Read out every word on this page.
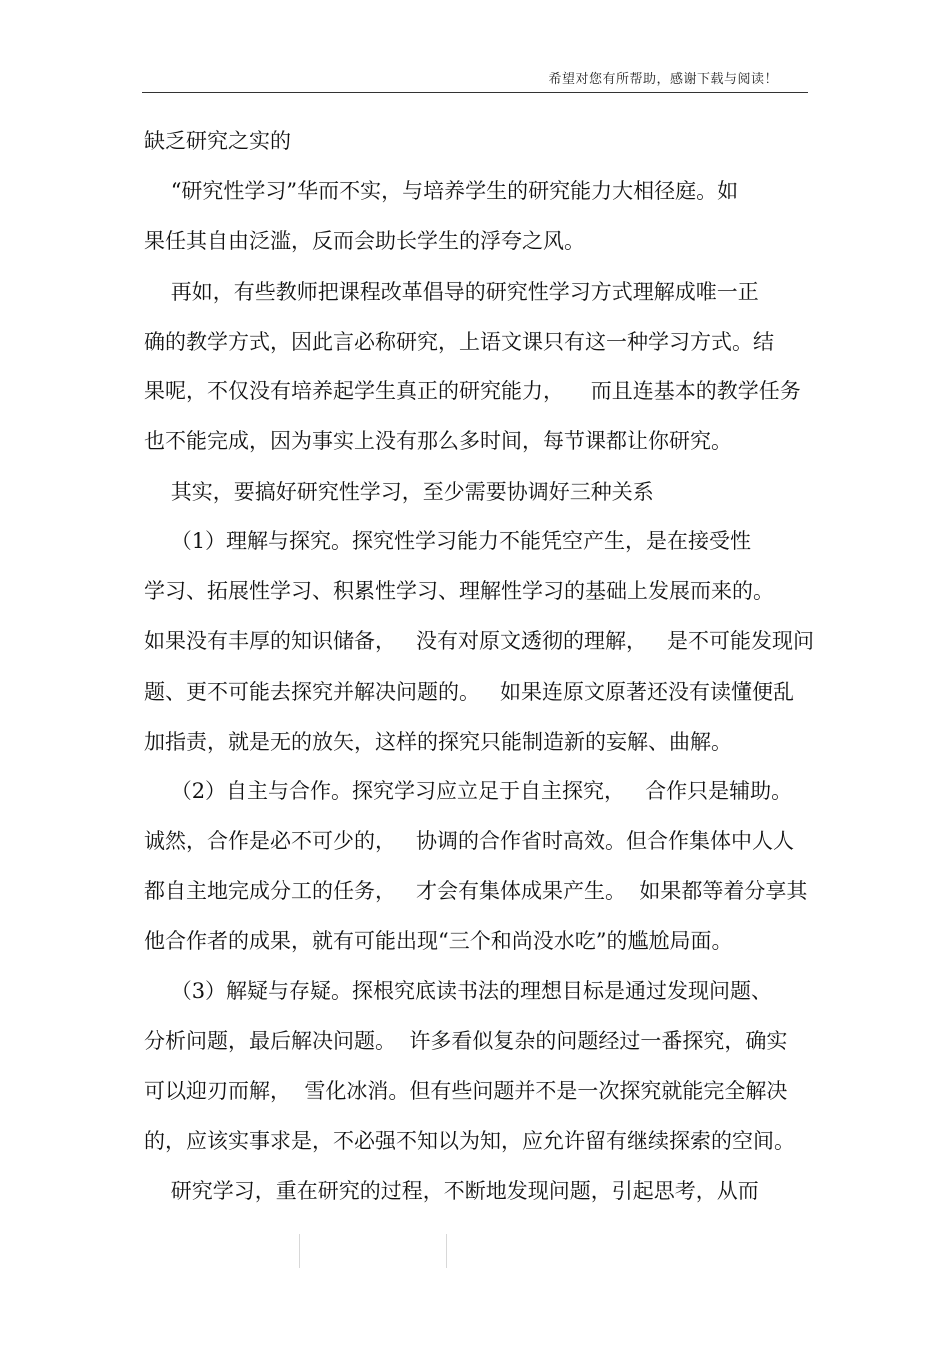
希望对您有所帮助，感谢下载与阅读！
缺乏研究之实的
“研究性学习”华而不实，与培养学生的研究能力大相径庭。如
果任其自由泛滥，反而会助长学生的浮夸之风。
再如，有些教师把课程改革倡导的研究性学习方式理解成唯一正
确的教学方式，因此言必称研究，上语文课只有这一种学习方式。结
果呢，不仅没有培养起学生真正的研究能力，    而且连基本的教学任务
也不能完成，因为事实上没有那么多时间，每节课都让你研究。
其实，要搞好研究性学习，至少需要协调好三种关系
（1）理解与探究。探究性学习能力不能凭空产生，是在接受性
学习、拓展性学习、积累性学习、理解性学习的基础上发展而来的。
如果没有丰厚的知识储备，   没有对原文透彻的理解，   是不可能发现问
题、更不可能去探究并解决问题的。   如果连原文原著还没有读懂便乱
加指责，就是无的放矢，这样的探究只能制造新的妄解、曲解。
（2）自主与合作。探究学习应立足于自主探究，   合作只是辅助。
诚然，合作是必不可少的，   协调的合作省时高效。但合作集体中人人
都自主地完成分工的任务，   才会有集体成果产生。  如果都等着分享其
他合作者的成果，就有可能出现“三个和尚没水吃”的尴尬局面。
（3）解疑与存疑。探根究底读书法的理想目标是通过发现问题、
分析问题，最后解决问题。  许多看似复杂的问题经过一番探究，确实
可以迎刃而解，  雪化冰消。但有些问题并不是一次探究就能完全解决
的，应该实事求是，不必强不知以为知，应允许留有继续探索的空间。
研究学习，重在研究的过程，不断地发现问题，引起思考，从而
